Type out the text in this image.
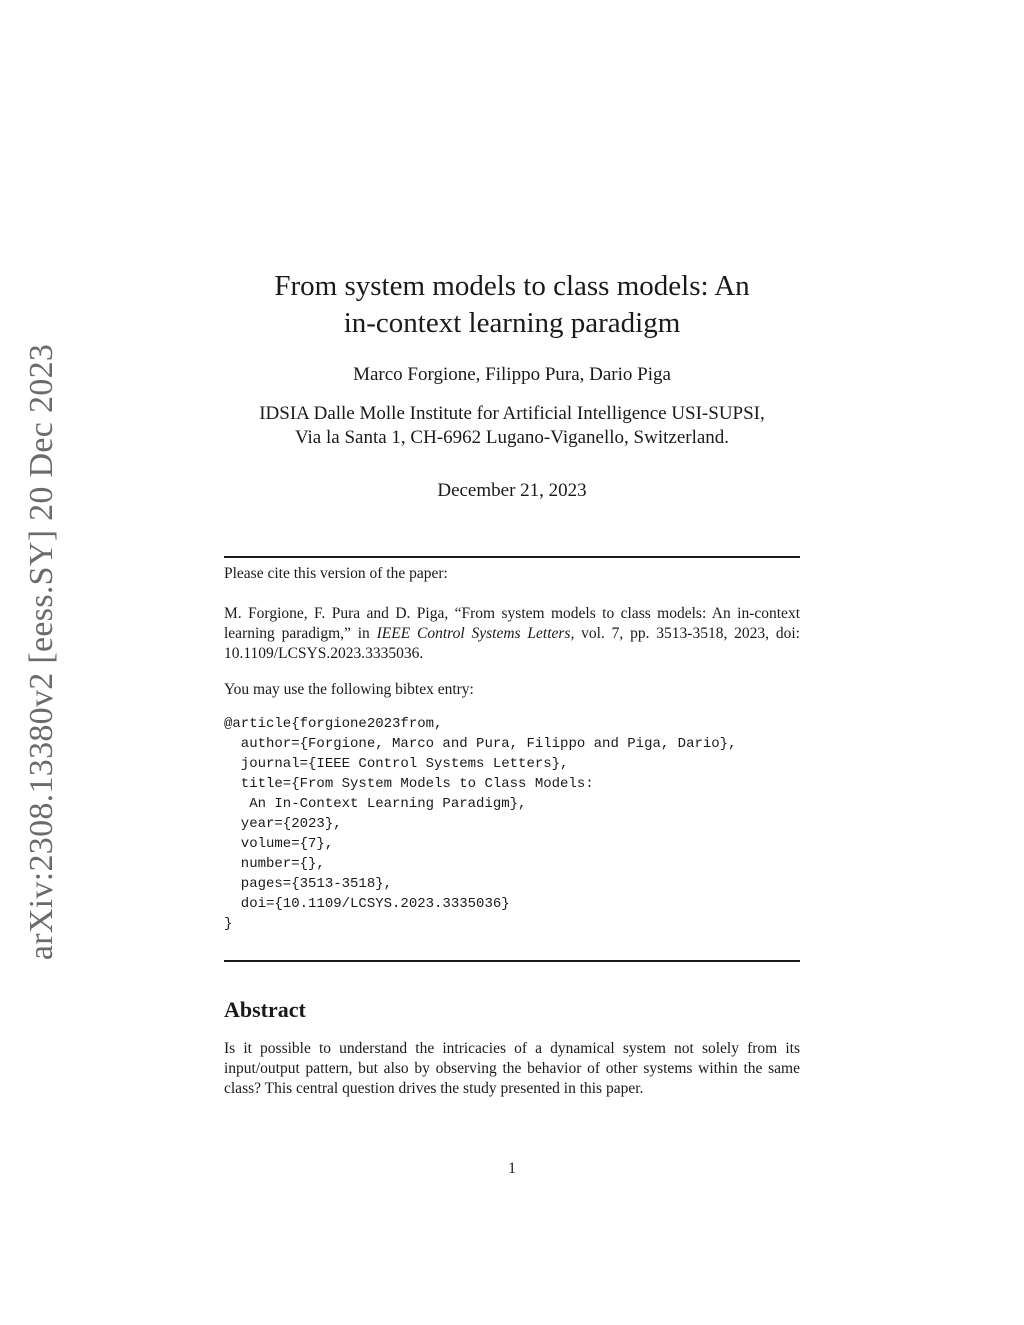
arXiv:2308.13380v2 [eess.SY] 20 Dec 2023
From system models to class models: An
in-context learning paradigm
Marco Forgione, Filippo Pura, Dario Piga
IDSIA Dalle Molle Institute for Artificial Intelligence USI-SUPSI,
Via la Santa 1, CH-6962 Lugano-Viganello, Switzerland.
December 21, 2023
Please cite this version of the paper:
M. Forgione, F. Pura and D. Piga, “From system models to class models: An in-context learning paradigm,” in IEEE Control Systems Letters, vol. 7, pp. 3513-3518, 2023, doi: 10.1109/LCSYS.2023.3335036.
You may use the following bibtex entry:
@article{forgione2023from,
author={Forgione, Marco and Pura, Filippo and Piga, Dario},
journal={IEEE Control Systems Letters},
title={From System Models to Class Models:
An In-Context Learning Paradigm},
year={2023},
volume={7},
number={},
pages={3513-3518},
doi={10.1109/LCSYS.2023.3335036}
}
Abstract
Is it possible to understand the intricacies of a dynamical system not solely from its input/output pattern, but also by observing the behavior of other systems within the same class? This central question drives the study presented in this paper.
1
